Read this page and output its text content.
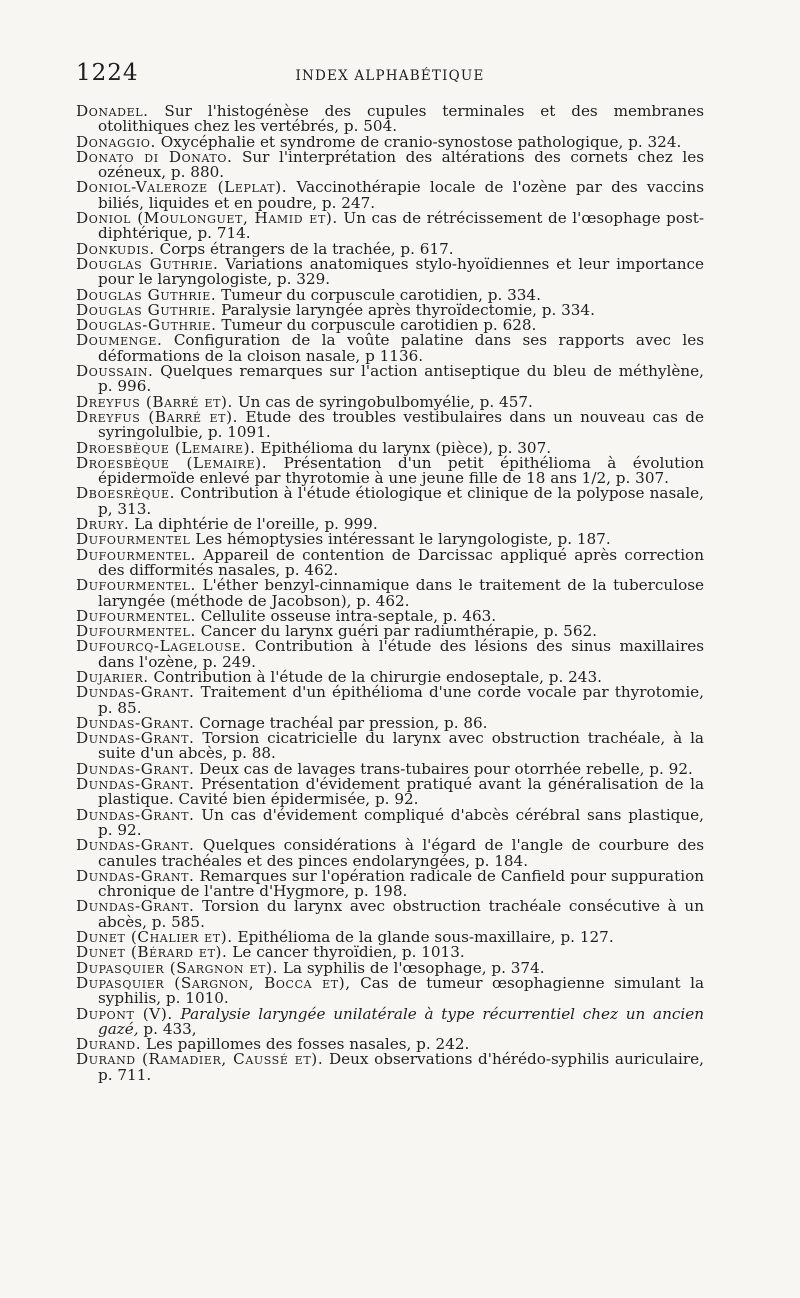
1224	INDEX ALPHABÉTIQUE

Donadel. Sur l'histogénèse des cupules terminales et des membranes otolithiques chez les vertébrés, p. 504.

Donaggio. Oxycéphalie et syndrome de cranio-synostose pathologique, p. 324.

Donato di Donato. Sur l'interprétation des altérations des cornets chez les ozéneux, p. 880.

Doniol-Valeroze (Leplat). Vaccinothérapie locale de l'ozène par des vaccins biliés, liquides et en poudre, p. 247.

Doniol (Moulonguet, Hamid et). Un cas de rétrécissement de l'œsophage post-diphtérique, p. 714.

Donkudis. Corps étrangers de la trachée, p. 617.

Douglas Guthrie. Variations anatomiques stylo-hyoïdiennes et leur importance pour le laryngologiste, p. 329.

Douglas Guthrie. Tumeur du corpuscule carotidien, p. 334.

Douglas Guthrie. Paralysie laryngée après thyroïdectomie, p. 334.

Douglas-Guthrie. Tumeur du corpuscule carotidien p. 628.

Doumenge. Configuration de la voûte palatine dans ses rapports avec les déformations de la cloison nasale, p 1136.

Doussain. Quelques remarques sur l'action antiseptique du bleu de méthylène, p. 996.

Dreyfus (Barré et). Un cas de syringobulbomyélie, p. 457.

Dreyfus (Barré et). Etude des troubles vestibulaires dans un nouveau cas de syringolulbie, p. 1091.

Droesbèque (Lemaire). Epithélioma du larynx (pièce), p. 307.

Droesbèque (Lemaire). Présentation d'un petit épithélioma à évolution épidermoïde enlevé par thyrotomie à une jeune fille de 18 ans 1/2, p. 307.

Dboesrèque. Contribution à l'étude étiologique et clinique de la polypose nasale, p, 313.

Drury. La diphtérie de l'oreille, p. 999.

Dufourmentel Les hémoptysies intéressant le laryngologiste, p. 187.

Dufourmentel. Appareil de contention de Darcissac appliqué après correction des difformités nasales, p. 462.

Dufourmentel. L'éther benzyl-cinnamique dans le traitement de la tuberculose laryngée (méthode de Jacobson), p. 462.

Dufourmentel. Cellulite osseuse intra-septale, p. 463.

Dufourmentel. Cancer du larynx guéri par radiumthérapie, p. 562.

Dufourcq-Lagelouse. Contribution à l'étude des lésions des sinus maxillaires dans l'ozène, p. 249.

Dujarier. Contribution à l'étude de la chirurgie endoseptale, p. 243.

Dundas-Grant. Traitement d'un épithélioma d'une corde vocale par thyrotomie, p. 85.

Dundas-Grant. Cornage trachéal par pression, p. 86.

Dundas-Grant. Torsion cicatricielle du larynx avec obstruction trachéale, à la suite d'un abcès, p. 88.

Dundas-Grant. Deux cas de lavages trans-tubaires pour otorrhée rebelle, p. 92.

Dundas-Grant. Présentation d'évidement pratiqué avant la généralisation de la plastique. Cavité bien épidermisée, p. 92.

Dundas-Grant. Un cas d'évidement compliqué d'abcès cérébral sans plastique, p. 92.

Dundas-Grant. Quelques considérations à l'égard de l'angle de courbure des canules trachéales et des pinces endolaryngées, p. 184.

Dundas-Grant. Remarques sur l'opération radicale de Canfield pour suppuration chronique de l'antre d'Hygmore, p. 198.

Dundas-Grant. Torsion du larynx avec obstruction trachéale consécutive à un abcès, p. 585.

Dunet (Chalier et). Epithélioma de la glande sous-maxillaire, p. 127.

Dunet (Bérard et). Le cancer thyroïdien, p. 1013.

Dupasquier (Sargnon et). La syphilis de l'œsophage, p. 374.

Dupasquier (Sargnon, Bocca et), Cas de tumeur œsophagienne simulant la syphilis, p. 1010.

Dupont (V). Paralysie laryngée unilatérale à type récurrentiel chez un ancien gazé, p. 433,

Durand. Les papillomes des fosses nasales, p. 242.

Durand (Ramadier, Caussé et). Deux observations d'hérédo-syphilis auriculaire, p. 711.
